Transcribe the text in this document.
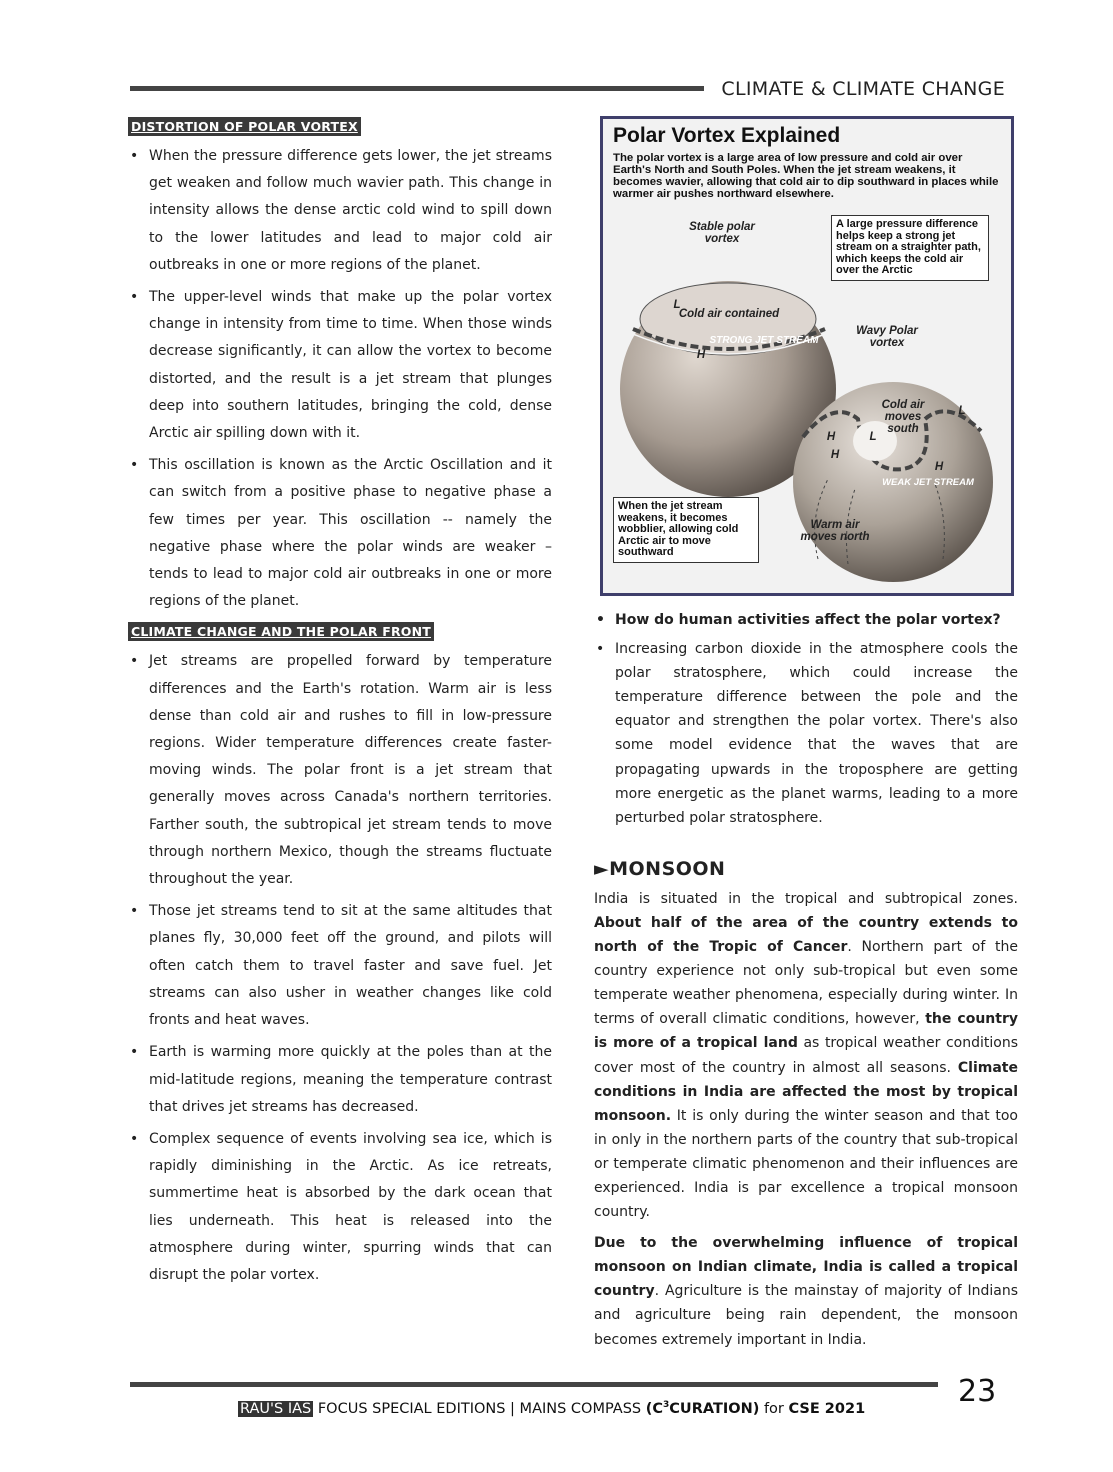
CLIMATE & CLIMATE CHANGE
DISTORTION OF POLAR VORTEX
• When the pressure difference gets lower, the jet streams get weaken and follow much wavier path. This change in intensity allows the dense arctic cold wind to spill down to the lower latitudes and lead to major cold air outbreaks in one or more regions of the planet.
• The upper-level winds that make up the polar vortex change in intensity from time to time. When those winds decrease significantly, it can allow the vortex to become distorted, and the result is a jet stream that plunges deep into southern latitudes, bringing the cold, dense Arctic air spilling down with it.
• This oscillation is known as the Arctic Oscillation and it can switch from a positive phase to negative phase a few times per year. This oscillation -- namely the negative phase where the polar winds are weaker – tends to lead to major cold air outbreaks in one or more regions of the planet.
CLIMATE CHANGE AND THE POLAR FRONT
• Jet streams are propelled forward by temperature differences and the Earth's rotation. Warm air is less dense than cold air and rushes to fill in low-pressure regions. Wider temperature differences create faster-moving winds. The polar front is a jet stream that generally moves across Canada's northern territories. Farther south, the subtropical jet stream tends to move through northern Mexico, though the streams fluctuate throughout the year.
• Those jet streams tend to sit at the same altitudes that planes fly, 30,000 feet off the ground, and pilots will often catch them to travel faster and save fuel. Jet streams can also usher in weather changes like cold fronts and heat waves.
• Earth is warming more quickly at the poles than at the mid-latitude regions, meaning the temperature contrast that drives jet streams has decreased.
• Complex sequence of events involving sea ice, which is rapidly diminishing in the Arctic. As ice retreats, summertime heat is absorbed by the dark ocean that lies underneath. This heat is released into the atmosphere during winter, spurring winds that can disrupt the polar vortex.
Polar Vortex Explained
The polar vortex is a large area of low pressure and cold air over Earth's North and South Poles. When the jet stream weakens, it becomes wavier, allowing that cold air to dip southward in places while warmer air pushes northward elsewhere.
Stable polar vortex
A large pressure difference helps keep a strong jet stream on a straighter path, which keeps the cold air over the Arctic
Cold air contained
STRONG JET STREAM
Wavy Polar vortex
Cold air moves south
When the jet stream weakens, it becomes wobblier, allowing cold Arctic air to move southward
Warm air moves north
WEAK JET STREAM
L
H
L
L
H
H
H
• How do human activities affect the polar vortex?
• Increasing carbon dioxide in the atmosphere cools the polar stratosphere, which could increase the temperature difference between the pole and the equator and strengthen the polar vortex. There's also some model evidence that the waves that are propagating upwards in the troposphere are getting more energetic as the planet warms, leading to a more perturbed polar stratosphere.
►MONSOON

India is situated in the tropical and subtropical zones. About half of the area of the country extends to north of the Tropic of Cancer. Northern part of the country experience not only sub-tropical but even some temperate weather phenomena, especially during winter. In terms of overall climatic conditions, however, the country is more of a tropical land as tropical weather conditions cover most of the country in almost all seasons. Climate conditions in India are affected the most by tropical monsoon. It is only during the winter season and that too in only in the northern parts of the country that sub-tropical or temperate climatic phenomenon and their influences are experienced. India is par excellence a tropical monsoon country.

Due to the overwhelming influence of tropical monsoon on Indian climate, India is called a tropical country. Agriculture is the mainstay of majority of Indians and agriculture being rain dependent, the monsoon becomes extremely important in India.

23
RAU'S IAS FOCUS SPECIAL EDITIONS | MAINS COMPASS $(C^3CURATION)$ for CSE 2021
